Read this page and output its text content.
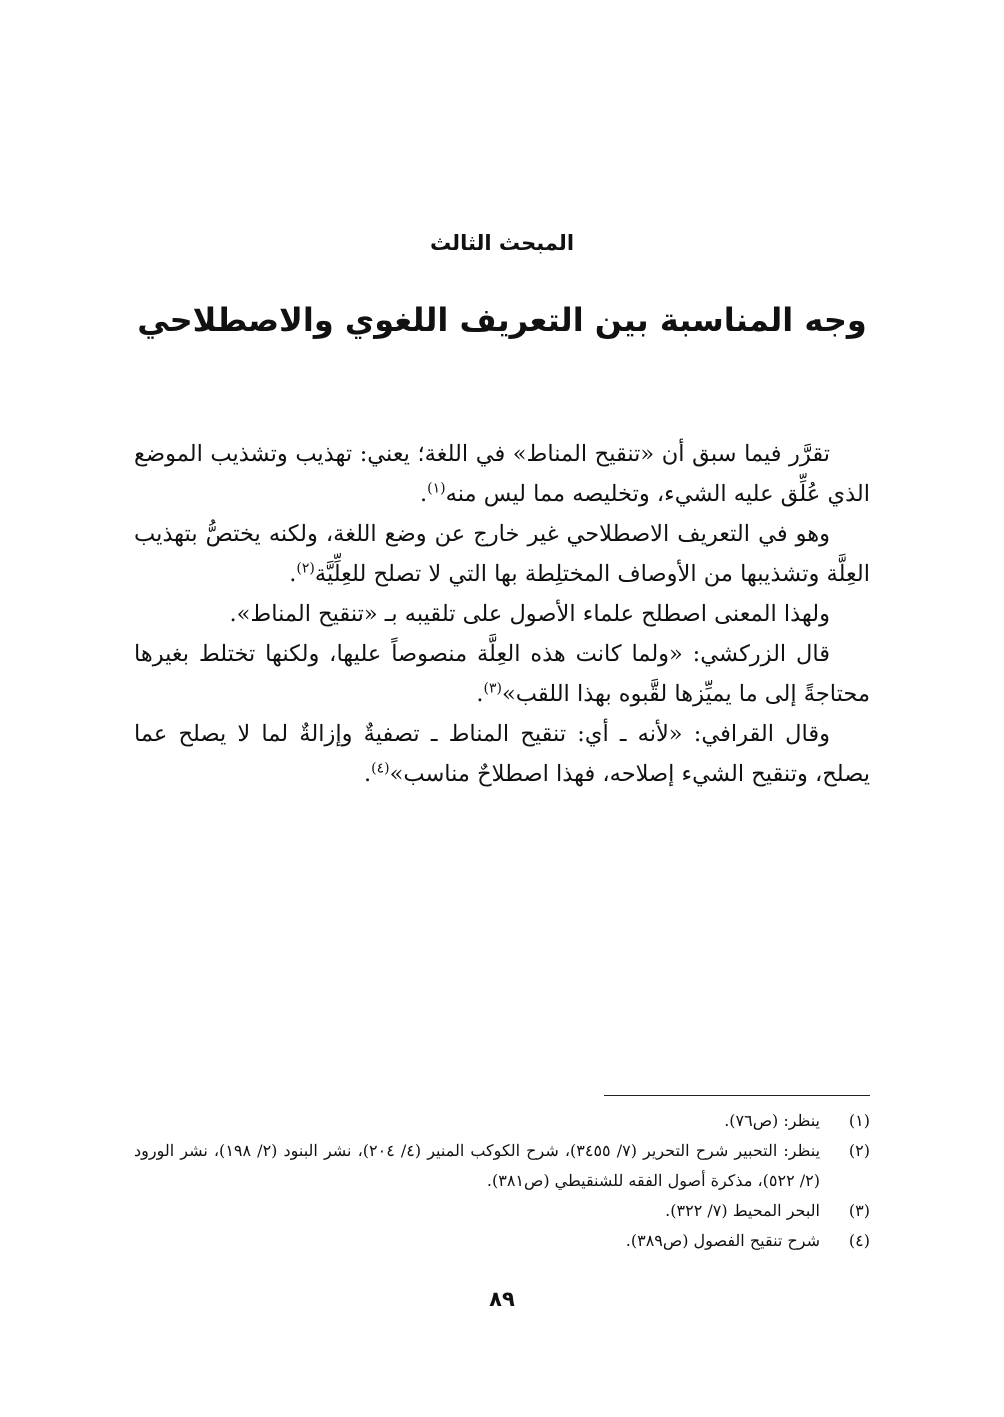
المبحث الثالث
وجه المناسبة بين التعريف اللغوي والاصطلاحي

تقرَّر فيما سبق أن «تنقيح المناط» في اللغة؛ يعني: تهذيب وتشذيب الموضع الذي عُلِّق عليه الشيء، وتخليصه مما ليس منه$^{(١)}$.

وهو في التعريف الاصطلاحي غير خارج عن وضع اللغة، ولكنه يختصُّ بتهذيب العِلَّة وتشذيبها من الأوصاف المختلِطة بها التي لا تصلح للعِلِّيَّة$^{(٢)}$.

ولهذا المعنى اصطلح علماء الأصول على تلقيبه بـ «تنقيح المناط».

قال الزركشي: «ولما كانت هذه العِلَّة منصوصاً عليها، ولكنها تختلط بغيرها محتاجةً إلى ما يميِّزها لقَّبوه بهذا اللقب»$^{(٣)}$.

وقال القرافي: «لأنه ـ أي: تنقيح المناط ـ تصفيةٌ وإزالةٌ لما لا يصلح عما يصلح، وتنقيح الشيء إصلاحه، فهذا اصطلاحٌ مناسب»$^{(٤)}$.

(١)
ينظر: (ص٧٦).
(٢)
ينظر: التحبير شرح التحرير (٧/ ٣٤٥٥)، شرح الكوكب المنير (٤/ ٢٠٤)، نشر البنود (٢/ ١٩٨)، نشر الورود (٢/ ٥٢٢)، مذكرة أصول الفقه للشنقيطي (ص٣٨١).
(٣)
البحر المحيط (٧/ ٣٢٢).
(٤)
شرح تنقيح الفصول (ص٣٨٩).
٨٩
